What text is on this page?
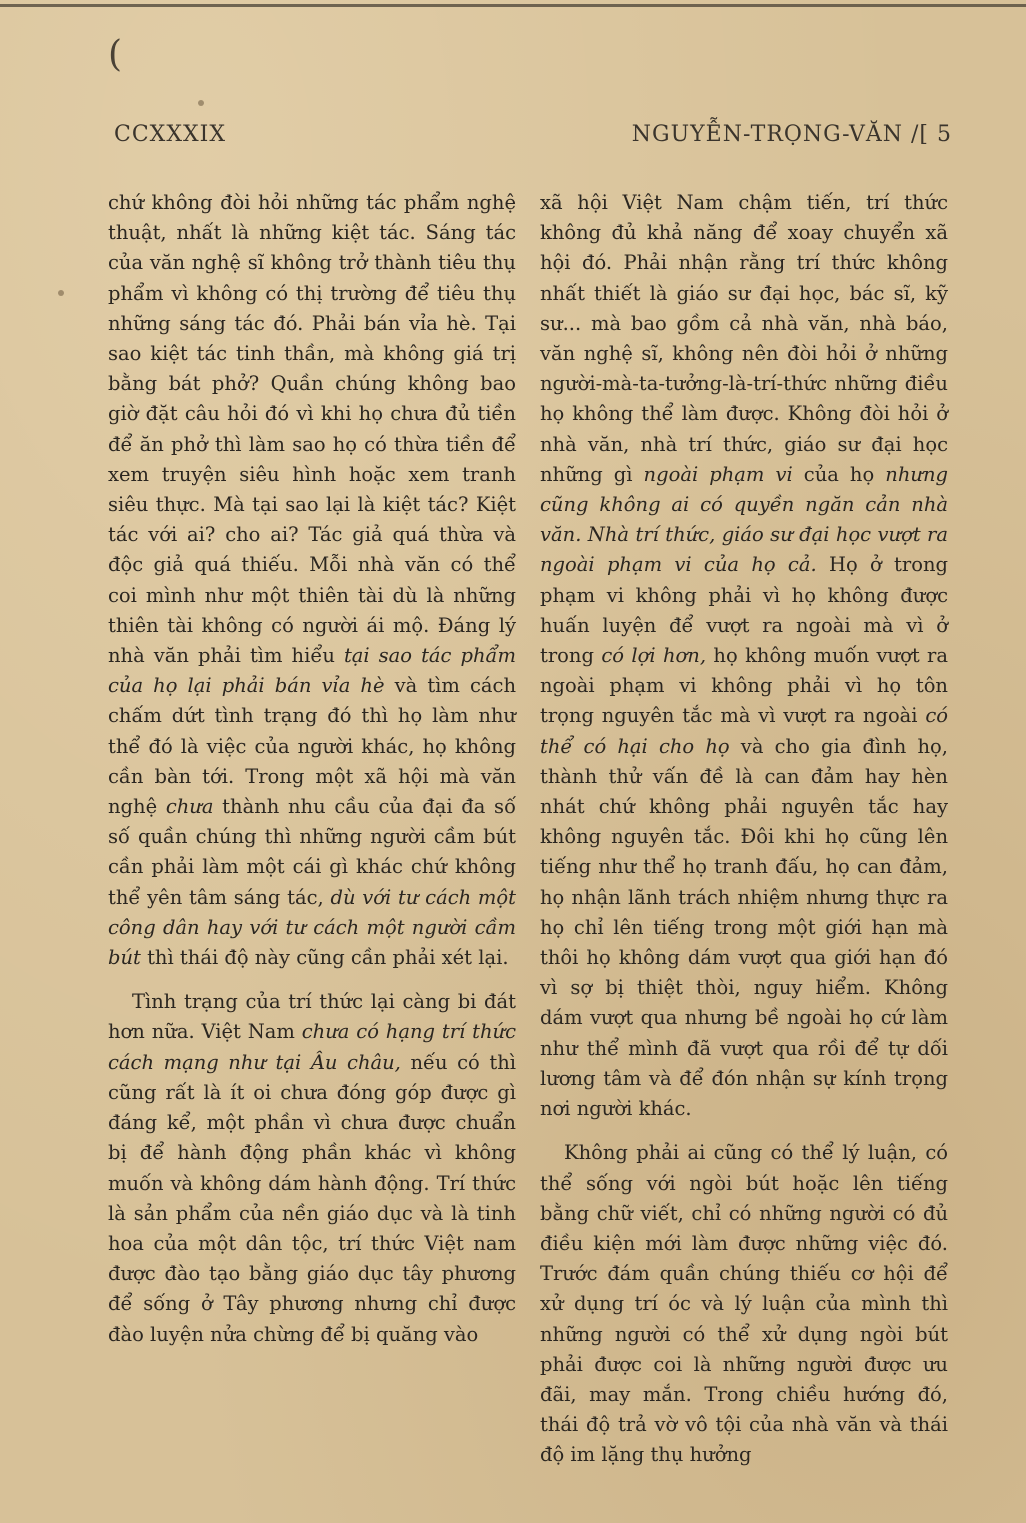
(
CCXXXIX	NGUYỄN-TRỌNG-VĂN /[ 5

chứ không đòi hỏi những tác phẩm nghệ thuật, nhất là những kiệt tác. Sáng tác của văn nghệ sĩ không trở thành tiêu thụ phẩm vì không có thị trường để tiêu thụ những sáng tác đó. Phải bán vỉa hè. Tại sao kiệt tác tinh thần, mà không giá trị bằng bát phở? Quần chúng không bao giờ đặt câu hỏi đó vì khi họ chưa đủ tiền để ăn phở thì làm sao họ có thừa tiền để xem truyện siêu hình hoặc xem tranh siêu thực. Mà tại sao lại là kiệt tác? Kiệt tác với ai? cho ai? Tác giả quá thừa và độc giả quá thiếu. Mỗi nhà văn có thể coi mình như một thiên tài dù là những thiên tài không có người ái mộ. Đáng lý nhà văn phải tìm hiểu tại sao tác phẩm của họ lại phải bán vỉa hè và tìm cách chấm dứt tình trạng đó thì họ làm như thể đó là việc của người khác, họ không cần bàn tới. Trong một xã hội mà văn nghệ chưa thành nhu cầu của đại đa số số quần chúng thì những người cầm bút cần phải làm một cái gì khác chứ không thể yên tâm sáng tác, dù với tư cách một công dân hay với tư cách một người cầm bút thì thái độ này cũng cần phải xét lại.

Tình trạng của trí thức lại càng bi đát hơn nữa. Việt Nam chưa có hạng trí thức cách mạng như tại Âu châu, nếu có thì cũng rất là ít oi chưa đóng góp được gì đáng kể, một phần vì chưa được chuẩn bị để hành động phần khác vì không muốn và không dám hành động. Trí thức là sản phẩm của nền giáo dục và là tinh hoa của một dân tộc, trí thức Việt nam được đào tạo bằng giáo dục tây phương để sống ở Tây phương nhưng chỉ được đào luyện nửa chừng để bị quăng vào

xã hội Việt Nam chậm tiến, trí thức không đủ khả năng để xoay chuyển xã hội đó. Phải nhận rằng trí thức không nhất thiết là giáo sư đại học, bác sĩ, kỹ sư... mà bao gồm cả nhà văn, nhà báo, văn nghệ sĩ, không nên đòi hỏi ở những người-mà-ta-tưởng-là-trí-thức những điều họ không thể làm được. Không đòi hỏi ở nhà văn, nhà trí thức, giáo sư đại học những gì ngoài phạm vi của họ nhưng cũng không ai có quyền ngăn cản nhà văn. Nhà trí thức, giáo sư đại học vượt ra ngoài phạm vi của họ cả. Họ ở trong phạm vi không phải vì họ không được huấn luyện để vượt ra ngoài mà vì ở trong có lợi hơn, họ không muốn vượt ra ngoài phạm vi không phải vì họ tôn trọng nguyên tắc mà vì vượt ra ngoài có thể có hại cho họ và cho gia đình họ, thành thử vấn đề là can đảm hay hèn nhát chứ không phải nguyên tắc hay không nguyên tắc. Đôi khi họ cũng lên tiếng như thể họ tranh đấu, họ can đảm, họ nhận lãnh trách nhiệm nhưng thực ra họ chỉ lên tiếng trong một giới hạn mà thôi họ không dám vượt qua giới hạn đó vì sợ bị thiệt thòi, nguy hiểm. Không dám vượt qua nhưng bề ngoài họ cứ làm như thể mình đã vượt qua rồi để tự dối lương tâm và để đón nhận sự kính trọng nơi người khác.

Không phải ai cũng có thể lý luận, có thể sống với ngòi bút hoặc lên tiếng bằng chữ viết, chỉ có những người có đủ điều kiện mới làm được những việc đó. Trước đám quần chúng thiếu cơ hội để xử dụng trí óc và lý luận của mình thì những người có thể xử dụng ngòi bút phải được coi là những người được ưu đãi, may mắn. Trong chiều hướng đó, thái độ trả vờ vô tội của nhà văn và thái độ im lặng thụ hưởng
